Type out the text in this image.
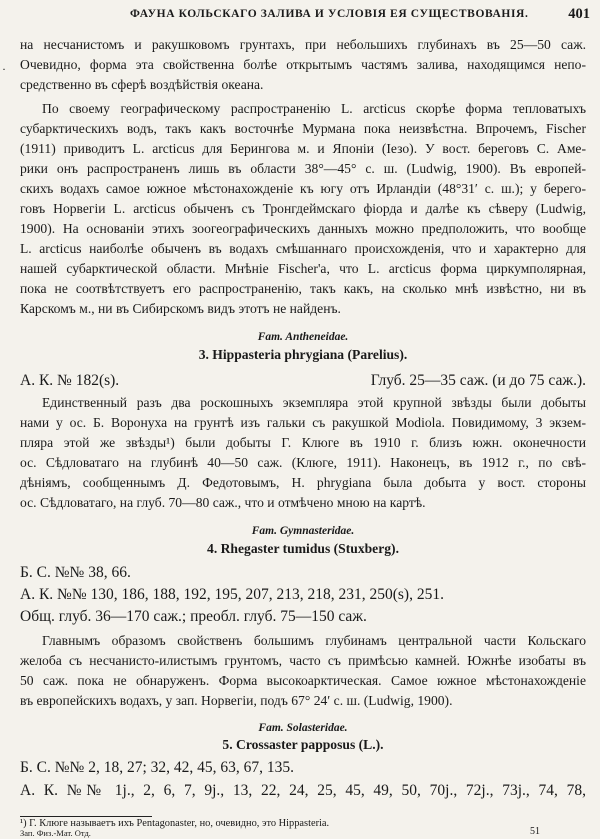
ФАУНА КОЛЬСКАГО ЗАЛИВА И УСЛОВІЯ ЕЯ СУЩЕСТВОВАНІЯ.	401
·
на несчанистомъ и ракушковомъ грунтахъ, при небольшихъ глубинахъ въ 25—50 саж.
Очевидно, форма эта свойственна болѣе открытымъ частямъ залива, находящимся непо-
средственно въ сферѣ воздѣйствія океана.
По своему географическому распространенію L. arcticus скорѣе форма тепловатыхъ
субарктическихъ водъ, такъ какъ восточнѣе Мурмана пока неизвѣстна. Впрочемъ, Fischer
(1911) приводитъ L. arcticus для Берингова м. и Японіи (Іезо). У вост. береговъ С. Аме-
рики онъ распространенъ лишь въ области 38°—45° с. ш. (Ludwig, 1900). Въ европей-
скихъ водахъ самое южное мѣстонахожденіе къ югу отъ Ирландіи (48°31′ с. ш.); у берего-
говъ Норвегіи L. arcticus обыченъ съ Тронгдеймскаго фіорда и далѣе къ сѣверу (Ludwig,
1900). На основаніи этихъ зоогеографическихъ данныхъ можно предположить, что вообще
L. arcticus наиболѣе обыченъ въ водахъ смѣшаннаго происхожденія, что и характерно для
нашей субарктической области. Мнѣніе Fischer'а, что L. arcticus форма циркумполярная,
пока не соотвѣтствуетъ его распространенію, такъ какъ, на сколько мнѣ извѣстно, ни въ
Карскомъ м., ни въ Сибирскомъ видъ этотъ не найденъ.
Fam. Antheneidae.
3. Hippasteria phrygiana (Parelius).
А. К. № 182(s).	Глуб. 25—35 саж. (и до 75 саж.).
Единственный разъ два роскошныхъ экземпляра этой крупной звѣзды были добыты
нами у ос. Б. Воронуха на грунтѣ изъ гальки съ ракушкой Modiola. Повидимому, 3 экзем-
пляра этой же звѣзды¹) были добыты Г. Клюге въ 1910 г. близъ южн. оконечности
ос. Сѣдловатаго на глубинѣ 40—50 саж. (Клюге, 1911). Наконецъ, въ 1912 г., по свѣ-
дѣніямъ, сообщеннымъ Д. Федотовымъ, H. phrygiana была добыта у вост. стороны
ос. Сѣдловатаго, на глуб. 70—80 саж., что и отмѣчено мною на картѣ.
Fam. Gymnasteridae.
4. Rhegaster tumidus (Stuxberg).
Б. С. №№ 38, 66.
А. К. №№ 130, 186, 188, 192, 195, 207, 213, 218, 231, 250(s), 251.
Общ. глуб. 36—170 саж.; преобл. глуб. 75—150 саж.
Главнымъ образомъ свойственъ большимъ глубинамъ центральной части Кольскаго
желоба съ несчанисто-илистымъ грунтомъ, часто съ примѣсью камней. Южнѣе изобаты въ
50 саж. пока не обнаруженъ. Форма высокоарктическая. Самое южное мѣстонахожденіе
въ европейскихъ водахъ, у зап. Норвегіи, подъ 67° 24′ с. ш. (Ludwig, 1900).
Fam. Solasteridae.
5. Crossaster papposus (L.).
Б. С. №№ 2, 18, 27; 32, 42, 45, 63, 67, 135.
А. К. №№ 1j., 2, 6, 7, 9j., 13, 22, 24, 25, 45, 49, 50, 70j., 72j., 73j., 74, 78,
¹) Г. Клюге называетъ ихъ Pentagonaster, но, очевидно, это Hippasteria.
Зап. Физ.-Мат. Отд.	51
